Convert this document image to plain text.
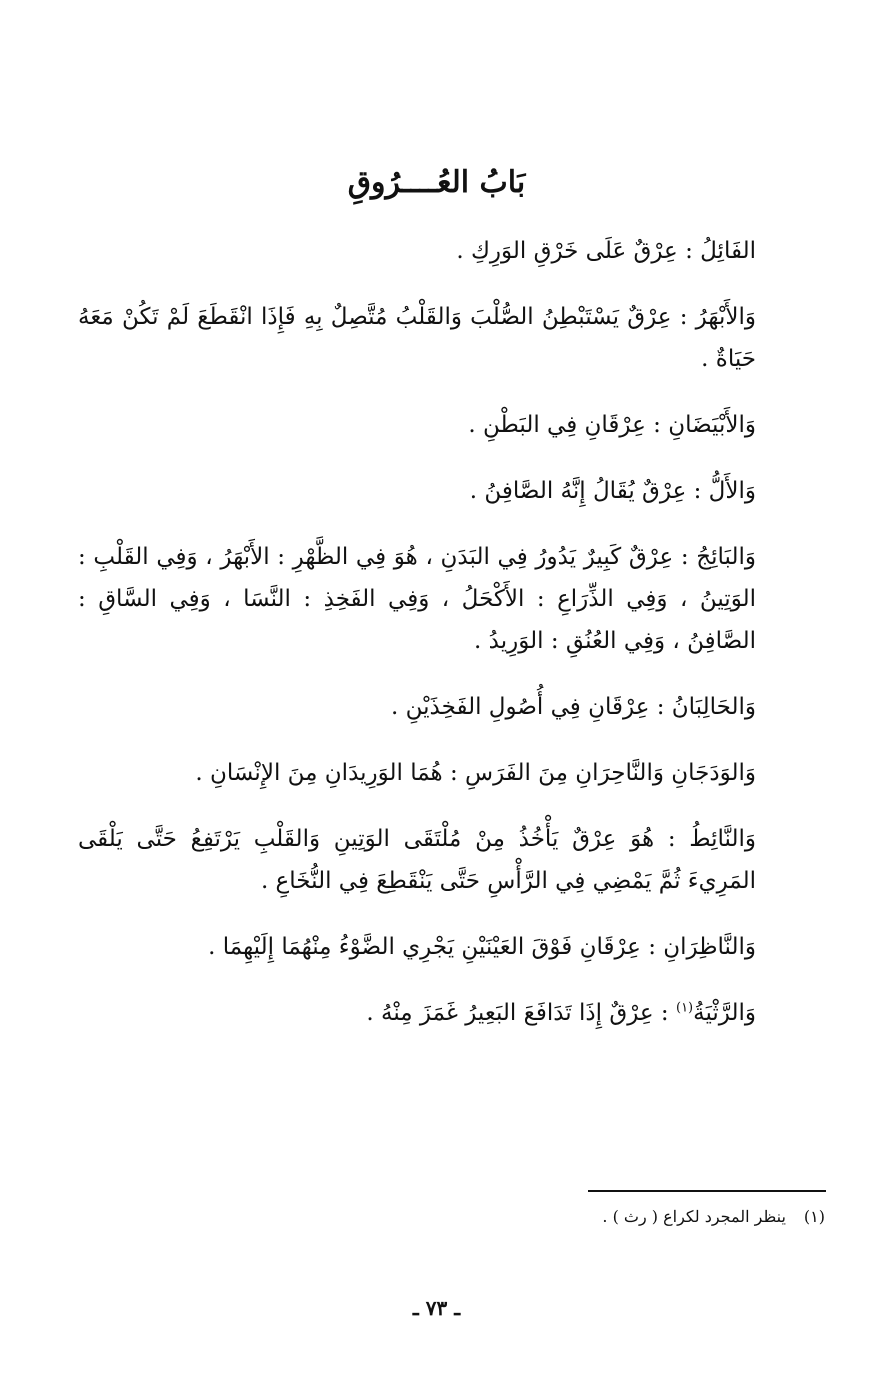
بَابُ العُــــرُوقِ

الفَائِلُ : عِرْقٌ عَلَى خَرْقِ الوَرِكِ .

وَالأَبْهَرُ : عِرْقٌ يَسْتَبْطِنُ الصُّلْبَ وَالقَلْبُ مُتَّصِلٌ بِهِ فَإِذَا انْقَطَعَ لَمْ تَكُنْ مَعَهُ حَيَاةٌ .

وَالأَبْيَضَانِ : عِرْقَانِ فِي البَطْنِ .

وَالأَلُّ : عِرْقٌ يُقَالُ إِنَّهُ الصَّافِنُ .

وَالبَائِجُ : عِرْقٌ كَبِيرٌ يَدُورُ فِي البَدَنِ ، هُوَ فِي الظَّهْرِ : الأَبْهَرُ ، وَفِي القَلْبِ : الوَتِينُ ، وَفِي الذِّرَاعِ : الأَكْحَلُ ، وَفِي الفَخِذِ : النَّسَا ، وَفِي السَّاقِ : الصَّافِنُ ، وَفِي العُنُقِ : الوَرِيدُ .

وَالحَالِبَانُ : عِرْقَانِ فِي أُصُولِ الفَخِذَيْنِ .

وَالوَدَجَانِ وَالنَّاحِرَانِ مِنَ الفَرَسِ : هُمَا الوَرِيدَانِ مِنَ الإِنْسَانِ .

وَالنَّائِطُ : هُوَ عِرْقٌ يَأْخُذُ مِنْ مُلْتَقَى الوَتِينِ وَالقَلْبِ يَرْتَفِعُ حَتَّى يَلْقَى المَرِيءَ ثُمَّ يَمْضِي فِي الرَّأْسِ حَتَّى يَنْقَطِعَ فِي النُّخَاعِ .

وَالنَّاظِرَانِ : عِرْقَانِ فَوْقَ العَيْنَيْنِ يَجْرِي الضَّوْءُ مِنْهُمَا إِلَيْهِمَا .

وَالرَّثْيَةُ$^{(١)}$ : عِرْقٌ إِذَا تَدَافَعَ البَعِيرُ غَمَزَ مِنْهُ .

(١)ينظر المجرد لكراع ( رث ) .
ـ ٧٣ ـ
